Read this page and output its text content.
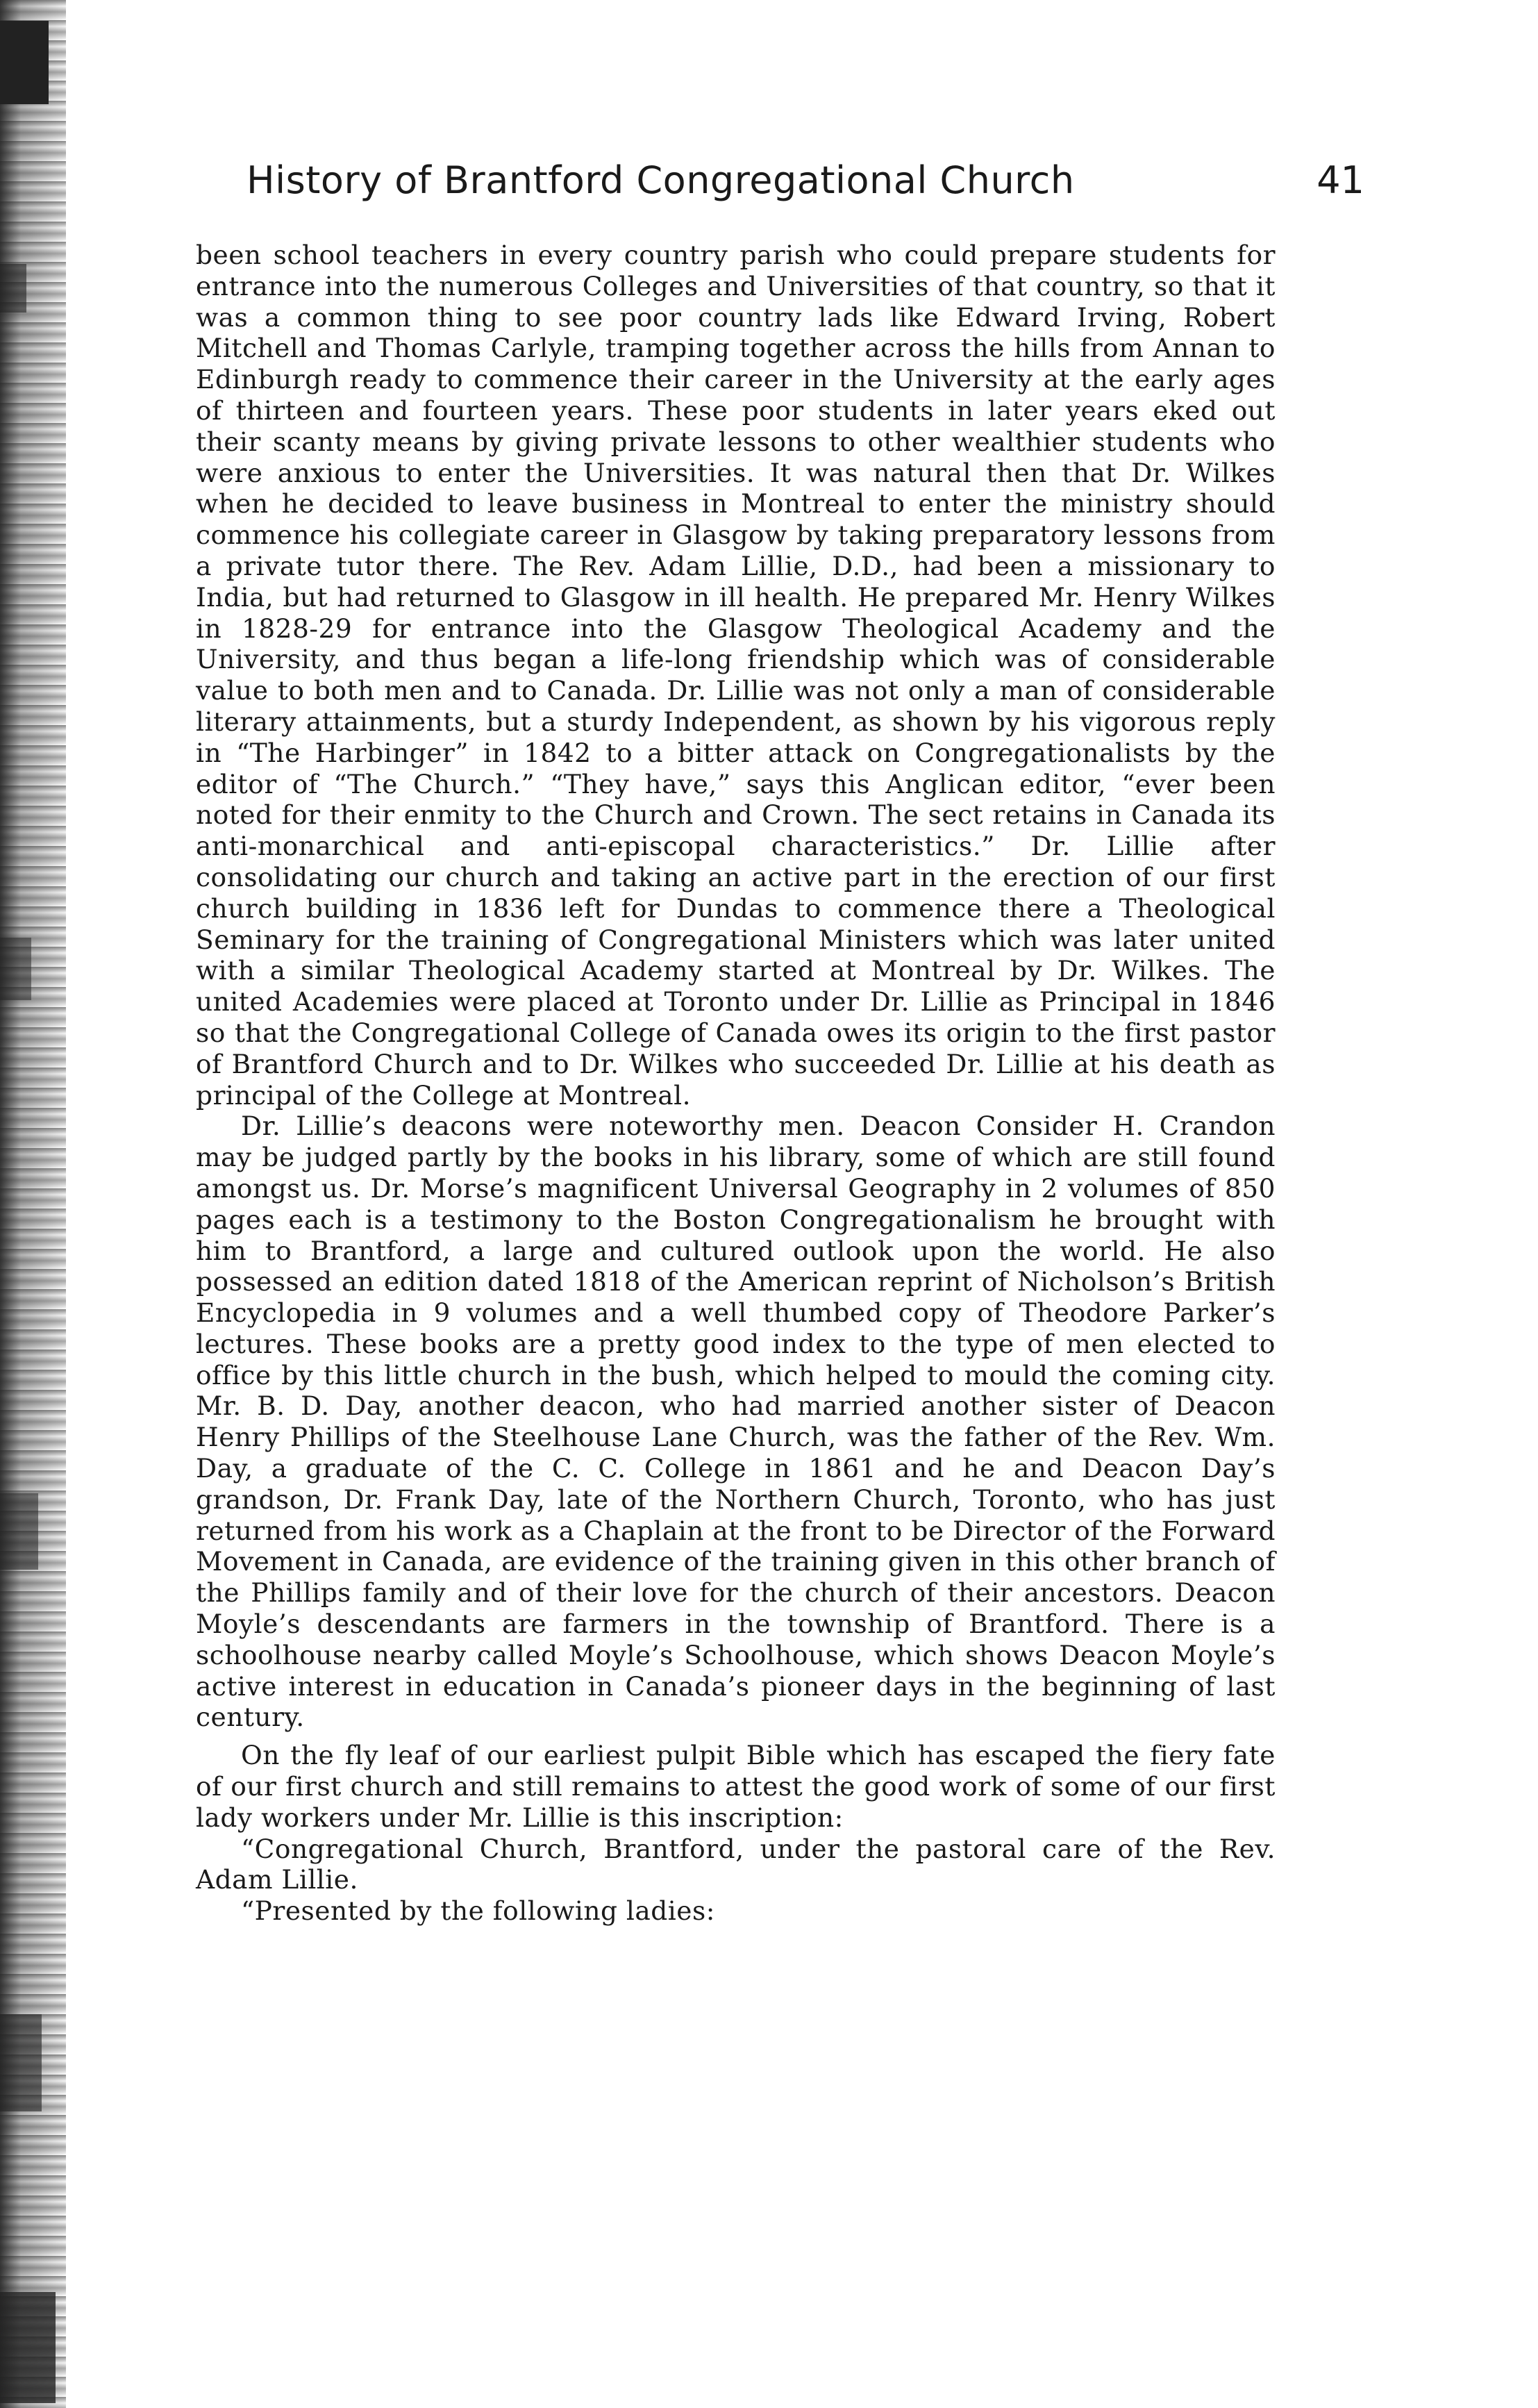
History of Brantford Congregational Church	41

been school teachers in every country parish who could prepare students for entrance into the numerous Colleges and Universities of that country, so that it was a common thing to see poor country lads like Edward Irving, Robert Mitchell and Thomas Carlyle, tramping together across the hills from Annan to Edinburgh ready to commence their career in the University at the early ages of thirteen and fourteen years. These poor students in later years eked out their scanty means by giving private lessons to other wealthier students who were anxious to enter the Universities. It was natural then that Dr. Wilkes when he decided to leave business in Montreal to enter the ministry should commence his collegiate career in Glasgow by taking preparatory lessons from a private tutor there. The Rev. Adam Lillie, D.D., had been a missionary to India, but had returned to Glasgow in ill health. He prepared Mr. Henry Wilkes in 1828-29 for entrance into the Glasgow Theological Academy and the University, and thus began a life-long friendship which was of considerable value to both men and to Canada. Dr. Lillie was not only a man of considerable literary attainments, but a sturdy Independent, as shown by his vigorous reply in “The Harbinger” in 1842 to a bitter attack on Congregationalists by the editor of “The Church.” “They have,” says this Anglican editor, “ever been noted for their enmity to the Church and Crown. The sect retains in Canada its anti-monarchical and anti-episcopal characteristics.” Dr. Lillie after consolidating our church and taking an active part in the erection of our first church building in 1836 left for Dundas to commence there a Theological Seminary for the training of Congregational Ministers which was later united with a similar Theological Academy started at Montreal by Dr. Wilkes. The united Academies were placed at Toronto under Dr. Lillie as Principal in 1846 so that the Congregational College of Canada owes its origin to the first pastor of Brantford Church and to Dr. Wilkes who succeeded Dr. Lillie at his death as principal of the College at Montreal.

Dr. Lillie’s deacons were noteworthy men. Deacon Consider H. Crandon may be judged partly by the books in his library, some of which are still found amongst us. Dr. Morse’s magnificent Universal Geography in 2 volumes of 850 pages each is a testimony to the Boston Congregationalism he brought with him to Brantford, a large and cultured outlook upon the world. He also possessed an edition dated 1818 of the American reprint of Nicholson’s British Encyclopedia in 9 volumes and a well thumbed copy of Theodore Parker’s lectures. These books are a pretty good index to the type of men elected to office by this little church in the bush, which helped to mould the coming city. Mr. B. D. Day, another deacon, who had married another sister of Deacon Henry Phillips of the Steelhouse Lane Church, was the father of the Rev. Wm. Day, a graduate of the C. C. College in 1861 and he and Deacon Day’s grandson, Dr. Frank Day, late of the Northern Church, Toronto, who has just returned from his work as a Chaplain at the front to be Director of the Forward Movement in Canada, are evidence of the training given in this other branch of the Phillips family and of their love for the church of their ancestors. Deacon Moyle’s descendants are farmers in the township of Brantford. There is a schoolhouse nearby called Moyle’s Schoolhouse, which shows Deacon Moyle’s active interest in education in Canada’s pioneer days in the beginning of last century.

On the fly leaf of our earliest pulpit Bible which has escaped the fiery fate of our first church and still remains to attest the good work of some of our first lady workers under Mr. Lillie is this inscription:

“Congregational Church, Brantford, under the pastoral care of the Rev. Adam Lillie.

“Presented by the following ladies:
